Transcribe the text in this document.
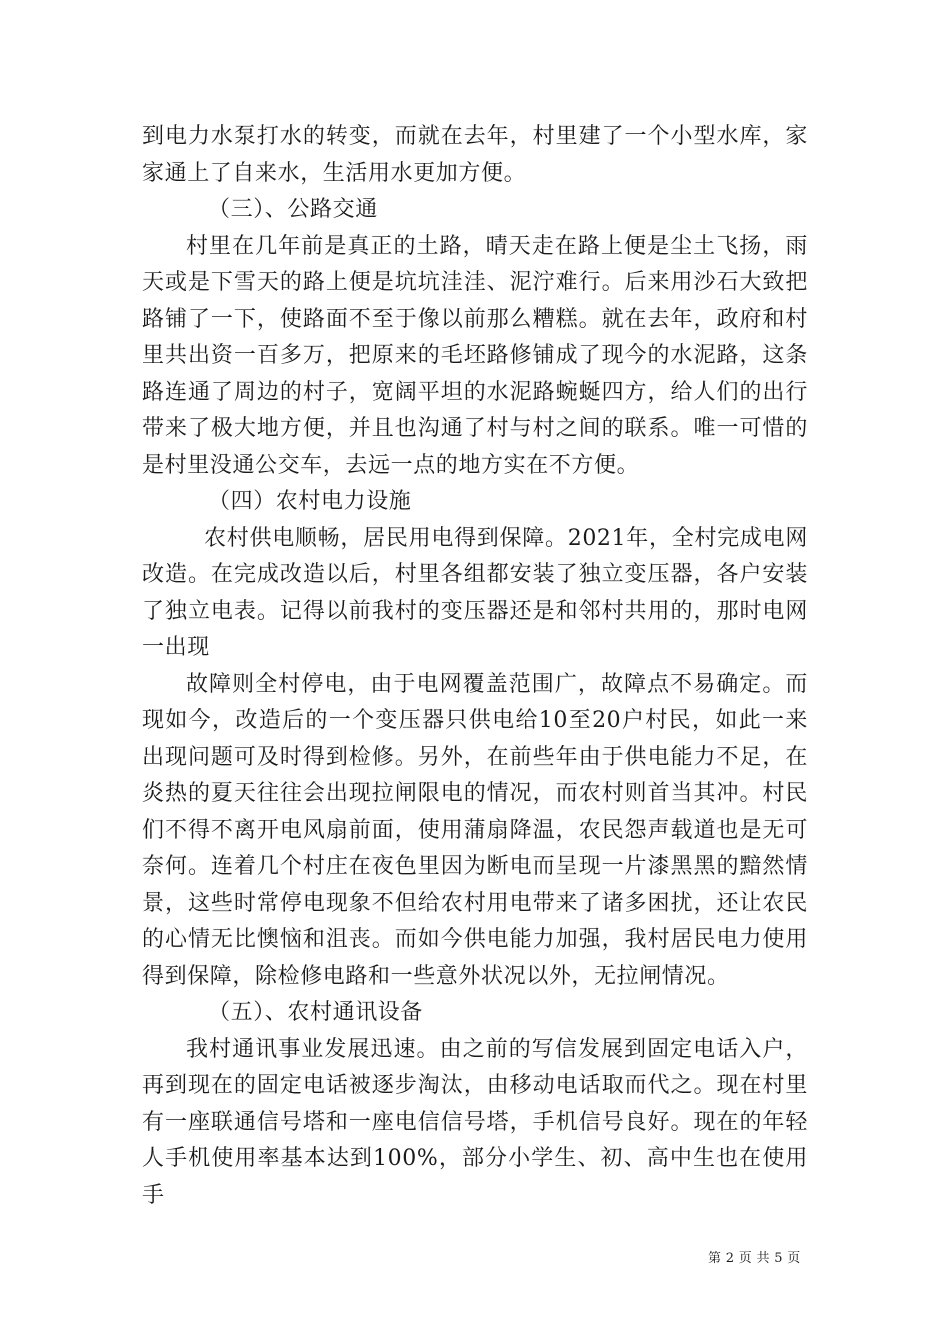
到电力水泵打水的转变，而就在去年，村里建了一个小型水库，家家通上了自来水，生活用水更加方便。

（三）、公路交通

村里在几年前是真正的土路，晴天走在路上便是尘土飞扬，雨天或是下雪天的路上便是坑坑洼洼、泥泞难行。后来用沙石大致把路铺了一下，使路面不至于像以前那么糟糕。就在去年，政府和村里共出资一百多万，把原来的毛坯路修铺成了现今的水泥路，这条路连通了周边的村子，宽阔平坦的水泥路蜿蜒四方，给人们的出行带来了极大地方便，并且也沟通了村与村之间的联系。唯一可惜的是村里没通公交车，去远一点的地方实在不方便。

（四）农村电力设施

农村供电顺畅，居民用电得到保障。2021年，全村完成电网改造。在完成改造以后，村里各组都安装了独立变压器，各户安装了独立电表。记得以前我村的变压器还是和邻村共用的，那时电网一出现

故障则全村停电，由于电网覆盖范围广，故障点不易确定。而现如今，改造后的一个变压器只供电给10至20户村民，如此一来出现问题可及时得到检修。另外，在前些年由于供电能力不足，在炎热的夏天往往会出现拉闸限电的情况，而农村则首当其冲。村民们不得不离开电风扇前面，使用蒲扇降温，农民怨声载道也是无可奈何。连着几个村庄在夜色里因为断电而呈现一片漆黑黑的黯然情景，这些时常停电现象不但给农村用电带来了诸多困扰，还让农民的心情无比懊恼和沮丧。而如今供电能力加强，我村居民电力使用得到保障，除检修电路和一些意外状况以外，无拉闸情况。

（五）、农村通讯设备

我村通讯事业发展迅速。由之前的写信发展到固定电话入户，再到现在的固定电话被逐步淘汰，由移动电话取而代之。现在村里有一座联通信号塔和一座电信信号塔，手机信号良好。现在的年轻人手机使用率基本达到100%，部分小学生、初、高中生也在使用手

第 2 页 共 5 页
